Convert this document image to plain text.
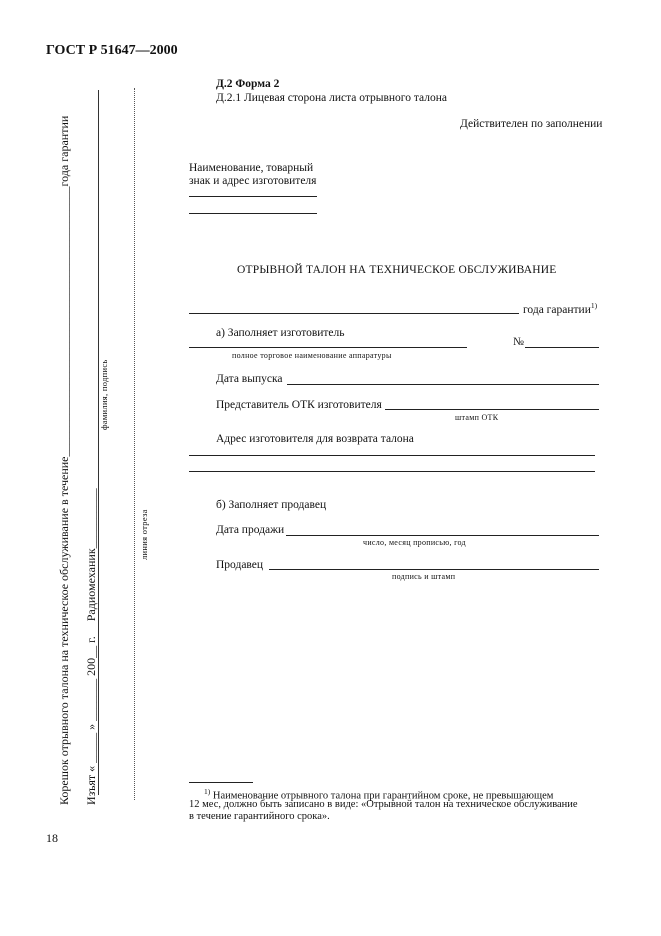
ГОСТ Р 51647—2000
Корешок отрывного талона на техническое обслуживание в течение_____________________________________________года гарантии
Изъят « _____ » _______ 200__ г.     Радиомеханик__________
фамилия, подпись
линия отреза
Д.2 Форма 2
Д.2.1 Лицевая сторона листа отрывного талона
Действителен по заполнении
Наименование, товарный
знак и адрес изготовителя
ОТРЫВНОЙ ТАЛОН НА ТЕХНИЧЕСКОЕ ОБСЛУЖИВАНИЕ
года гарантии$^{1)}$
а) Заполняет изготовитель
№
полное торговое наименование аппаратуры
Дата выпуска
Представитель ОТК изготовителя
штамп ОТК
Адрес изготовителя для возврата талона
б) Заполняет продавец
Дата продажи
число, месяц прописью, год
Продавец
подпись и штамп
$^{1)}$ Наименование отрывного талона при гарантийном сроке, не превышающем
12 мес, должно быть записано в виде: «Отрывной талон на техническое обслуживание
в течение гарантийного срока».
18
